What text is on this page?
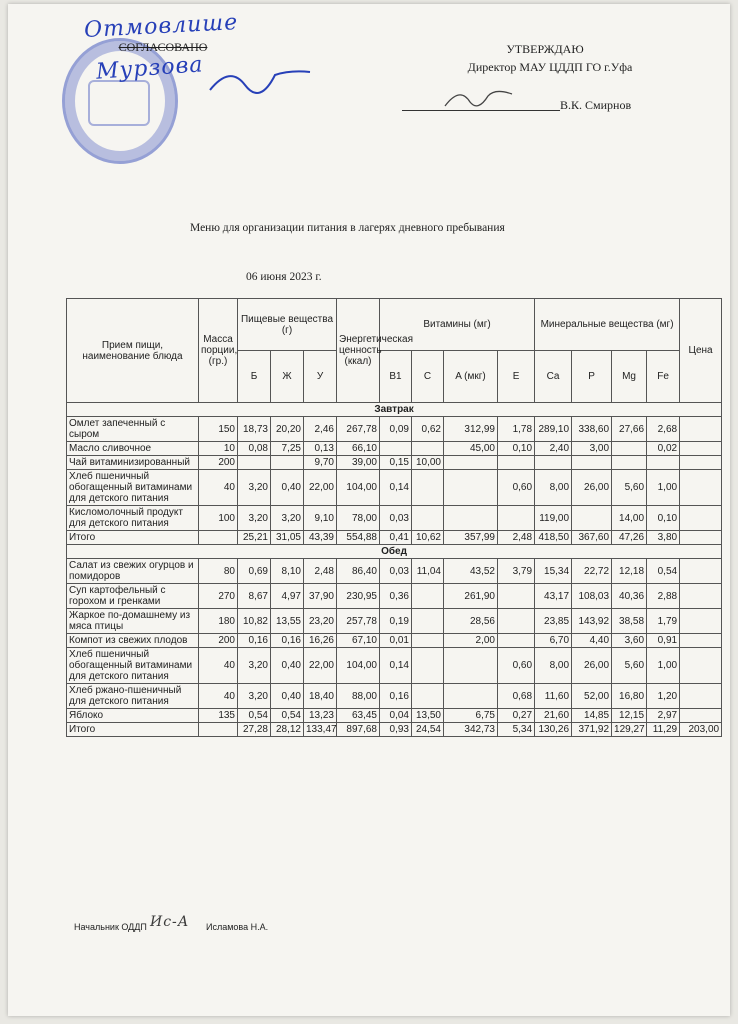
Отмовлише
СОГЛАСОВАНО
Мурзова
УТВЕРЖДАЮ
Директор МАУ ЦДДП ГО г.Уфа
В.К. Смирнов
Меню для организации питания в лагерях дневного пребывания
06 июня 2023 г.
Прием пищи, наименование блюда	Масса порции, (гр.)	Пищевые вещества (г)			Энергетическая ценность (ккал)	Витамины (мг)				Минеральные вещества (мг)				Цена
		Б	Ж	У		B1	C	A (мкг)	E	Ca	P	Mg	Fe	
Завтрак														
Омлет запеченный с сыром	150	18,73	20,20	2,46	267,78	0,09	0,62	312,99	1,78	289,10	338,60	27,66	2,68	
Масло сливочное	10	0,08	7,25	0,13	66,10			45,00	0,10	2,40	3,00		0,02	
Чай витаминизированный	200			9,70	39,00	0,15	10,00							
Хлеб пшеничный обогащенный витаминами для детского питания	40	3,20	0,40	22,00	104,00	0,14			0,60	8,00	26,00	5,60	1,00	
Кисломолочный продукт для детского питания	100	3,20	3,20	9,10	78,00	0,03				119,00		14,00	0,10	
Итого		25,21	31,05	43,39	554,88	0,41	10,62	357,99	2,48	418,50	367,60	47,26	3,80	
Обед														
Салат из свежих огурцов и помидоров	80	0,69	8,10	2,48	86,40	0,03	11,04	43,52	3,79	15,34	22,72	12,18	0,54	
Суп картофельный с горохом и гренками	270	8,67	4,97	37,90	230,95	0,36		261,90		43,17	108,03	40,36	2,88	
Жаркое по-домашнему из мяса птицы	180	10,82	13,55	23,20	257,78	0,19		28,56		23,85	143,92	38,58	1,79	
Компот из свежих плодов	200	0,16	0,16	16,26	67,10	0,01		2,00		6,70	4,40	3,60	0,91	
Хлеб пшеничный обогащенный витаминами для детского питания	40	3,20	0,40	22,00	104,00	0,14			0,60	8,00	26,00	5,60	1,00	
Хлеб ржано-пшеничный для детского питания	40	3,20	0,40	18,40	88,00	0,16			0,68	11,60	52,00	16,80	1,20	
Яблоко	135	0,54	0,54	13,23	63,45	0,04	13,50	6,75	0,27	21,60	14,85	12,15	2,97	
Итого		27,28	28,12	133,47	897,68	0,93	24,54	342,73	5,34	130,26	371,92	129,27	11,29	203,00
Начальник ОДДП Ис-А Исламова Н.А.
